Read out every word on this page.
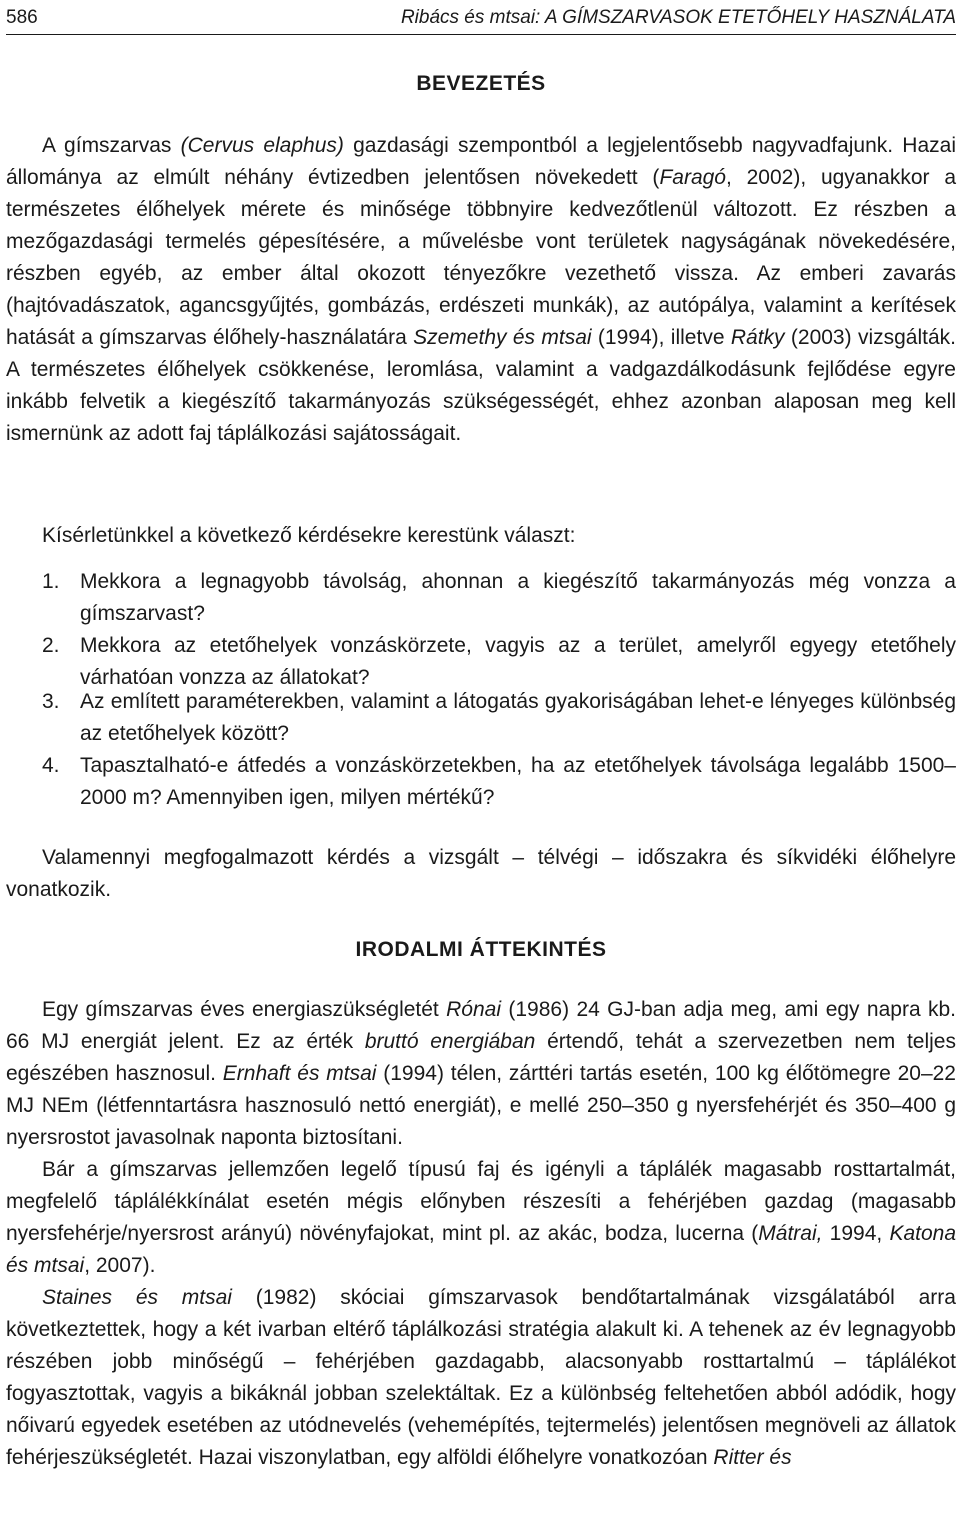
586	Ribács és mtsai: A GÍMSZARVASOK ETETŐHELY HASZNÁLATA
BEVEZETÉS

A gímszarvas (Cervus elaphus) gazdasági szempontból a legjelentősebb nagyvadfajunk. Hazai állománya az elmúlt néhány évtizedben jelentősen növekedett (Faragó, 2002), ugyanakkor a természetes élőhelyek mérete és minősége többnyire kedvezőtlenül változott. Ez részben a mezőgazdasági termelés gépesítésére, a művelésbe vont területek nagyságának növekedésére, részben egyéb, az ember által okozott tényezőkre vezethető vissza. Az emberi zavarás (hajtóvadászatok, agancsgyűjtés, gombázás, erdészeti munkák), az autópálya, valamint a kerítések hatását a gímszarvas élőhely-használatára Szemethy és mtsai (1994), illetve Rátky (2003) vizsgálták. A természetes élőhelyek csökkenése, leromlása, valamint a vadgazdálkodásunk fejlődése egyre inkább felvetik a kiegészítő takarmányozás szükségességét, ehhez azonban alaposan meg kell ismernünk az adott faj táplálkozási sajátosságait.

Kísérletünkkel a következő kérdésekre kerestünk választ:

1. Mekkora a legnagyobb távolság, ahonnan a kiegészítő takarmányozás még vonzza a gímszarvast?
2. Mekkora az etetőhelyek vonzáskörzete, vagyis az a terület, amelyről egyegy etetőhely várhatóan vonzza az állatokat?
3. Az említett paraméterekben, valamint a látogatás gyakoriságában lehet-e lényeges különbség az etetőhelyek között?
4. Tapasztalható-e átfedés a vonzáskörzetekben, ha az etetőhelyek távolsága legalább 1500–2000 m? Amennyiben igen, milyen mértékű?

Valamennyi megfogalmazott kérdés a vizsgált – télvégi – időszakra és síkvidéki élőhelyre vonatkozik.

IRODALMI ÁTTEKINTÉS

Egy gímszarvas éves energiaszükségletét Rónai (1986) 24 GJ-ban adja meg, ami egy napra kb. 66 MJ energiát jelent. Ez az érték bruttó energiában értendő, tehát a szervezetben nem teljes egészében hasznosul. Ernhaft és mtsai (1994) télen, zárttéri tartás esetén, 100 kg élőtömegre 20–22 MJ NEm (létfenntartásra hasznosuló nettó energiát), e mellé 250–350 g nyersfehérjét és 350–400 g nyersrostot javasolnak naponta biztosítani.

Bár a gímszarvas jellemzően legelő típusú faj és igényli a táplálék magasabb rosttartalmát, megfelelő táplálékkínálat esetén mégis előnyben részesíti a fehérjében gazdag (magasabb nyersfehérje/nyersrost arányú) növényfajokat, mint pl. az akác, bodza, lucerna (Mátrai, 1994, Katona és mtsai, 2007).

Staines és mtsai (1982) skóciai gímszarvasok bendőtartalmának vizsgálatából arra következtettek, hogy a két ivarban eltérő táplálkozási stratégia alakult ki. A tehenek az év legnagyobb részében jobb minőségű – fehérjében gazdagabb, alacsonyabb rosttartalmú – táplálékot fogyasztottak, vagyis a bikáknál jobban szelektáltak. Ez a különbség feltehetően abból adódik, hogy nőivarú egyedek esetében az utódnevelés (vehemépítés, tejtermelés) jelentősen megnöveli az állatok fehérjeszükségletét. Hazai viszonylatban, egy alföldi élőhelyre vonatkozóan Ritter és
